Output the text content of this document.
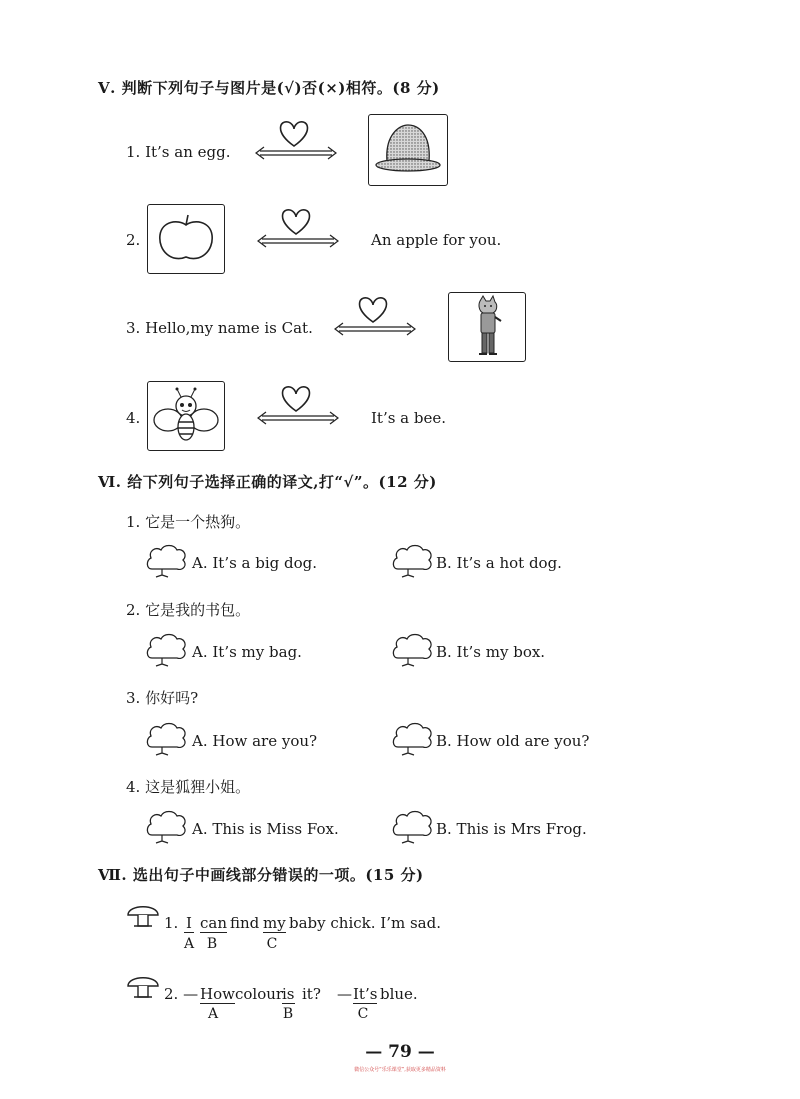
Ⅴ. 判断下列句子与图片是(√)否(×)相符。(8 分)
1. It’s an egg.
2.	An apple for you.
3. Hello,my name is Cat.
4.	It’s a bee.
Ⅵ. 给下列句子选择正确的译文,打“√”。(12 分)
1. 它是一个热狗。
A. It’s a big dog.	B. It’s a hot dog.
2. 它是我的书包。
A. It’s my bag.	B. It’s my box.
3. 你好吗?
A. How are you?	B. How old are you?
4. 这是狐狸小姐。
A. This is Miss Fox.	B. This is Mrs Frog.
Ⅶ. 选出句子中画线部分错误的一项。(15 分)
1. I can find my baby chick. I’m sad.
A B	C
2. — How colour
is it? — It’s blue.
A	B	C
— 79 —
微信公众号“乐乐课堂”,获取更多精品资料
